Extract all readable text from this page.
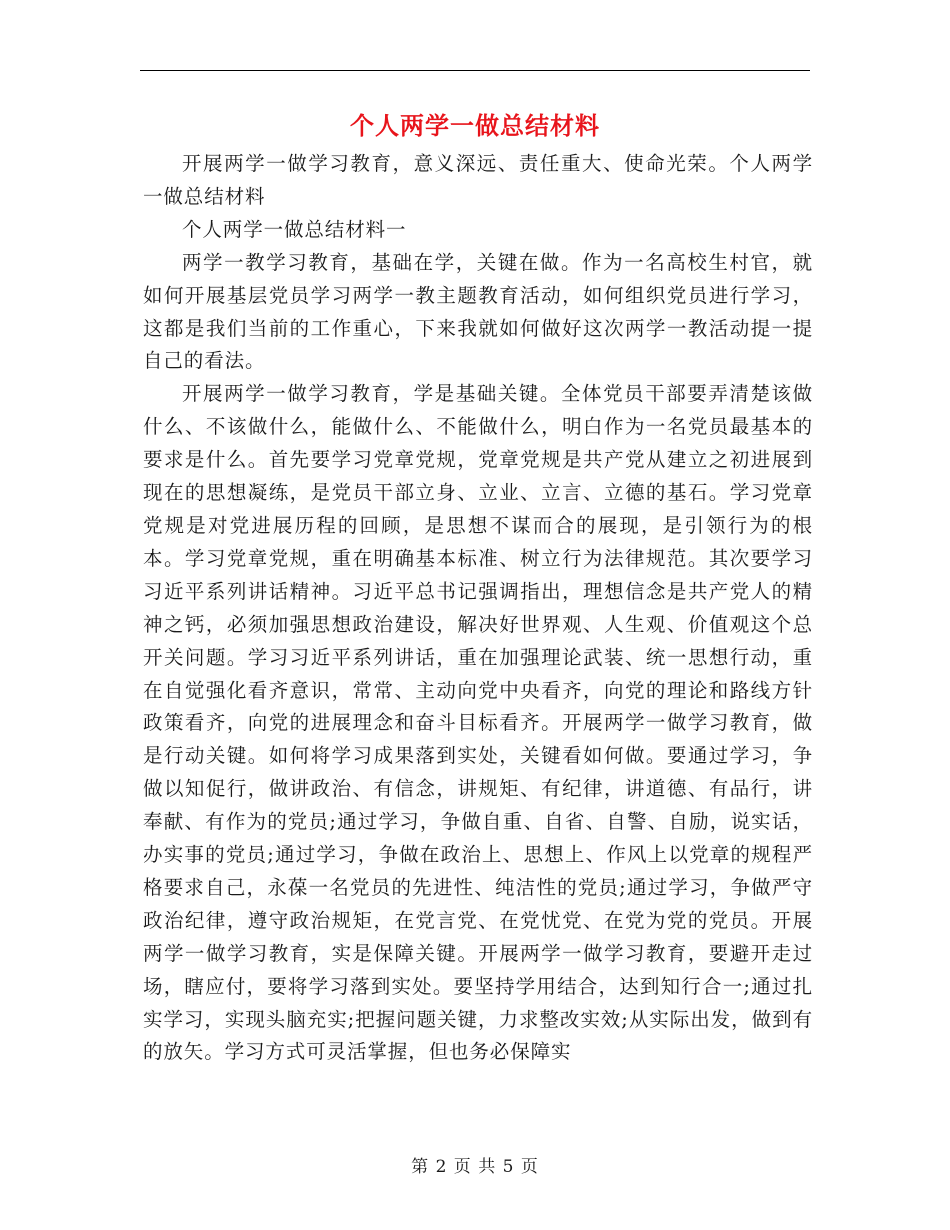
个人两学一做总结材料

开展两学一做学习教育，意义深远、责任重大、使命光荣。个人两学一做总结材料

个人两学一做总结材料一

两学一教学习教育，基础在学，关键在做。作为一名高校生村官，就如何开展基层党员学习两学一教主题教育活动，如何组织党员进行学习，这都是我们当前的工作重心，下来我就如何做好这次两学一教活动提一提自己的看法。

开展两学一做学习教育，学是基础关键。全体党员干部要弄清楚该做什么、不该做什么，能做什么、不能做什么，明白作为一名党员最基本的要求是什么。首先要学习党章党规，党章党规是共产党从建立之初进展到现在的思想凝练，是党员干部立身、立业、立言、立德的基石。学习党章党规是对党进展历程的回顾，是思想不谋而合的展现，是引领行为的根本。学习党章党规，重在明确基本标准、树立行为法律规范。其次要学习习近平系列讲话精神。习近平总书记强调指出，理想信念是共产党人的精神之钙，必须加强思想政治建设，解决好世界观、人生观、价值观这个总开关问题。学习习近平系列讲话，重在加强理论武装、统一思想行动，重在自觉强化看齐意识，常常、主动向党中央看齐，向党的理论和路线方针政策看齐，向党的进展理念和奋斗目标看齐。开展两学一做学习教育，做是行动关键。如何将学习成果落到实处，关键看如何做。要通过学习，争做以知促行，做讲政治、有信念，讲规矩、有纪律，讲道德、有品行，讲奉献、有作为的党员;通过学习，争做自重、自省、自警、自励，说实话，办实事的党员;通过学习，争做在政治上、思想上、作风上以党章的规程严格要求自己，永葆一名党员的先进性、纯洁性的党员;通过学习，争做严守政治纪律，遵守政治规矩，在党言党、在党忧党、在党为党的党员。开展两学一做学习教育，实是保障关键。开展两学一做学习教育，要避开走过场，瞎应付，要将学习落到实处。要坚持学用结合，达到知行合一;通过扎实学习，实现头脑充实;把握问题关键，力求整改实效;从实际出发，做到有的放矢。学习方式可灵活掌握，但也务必保障实

第 2 页 共 5 页
